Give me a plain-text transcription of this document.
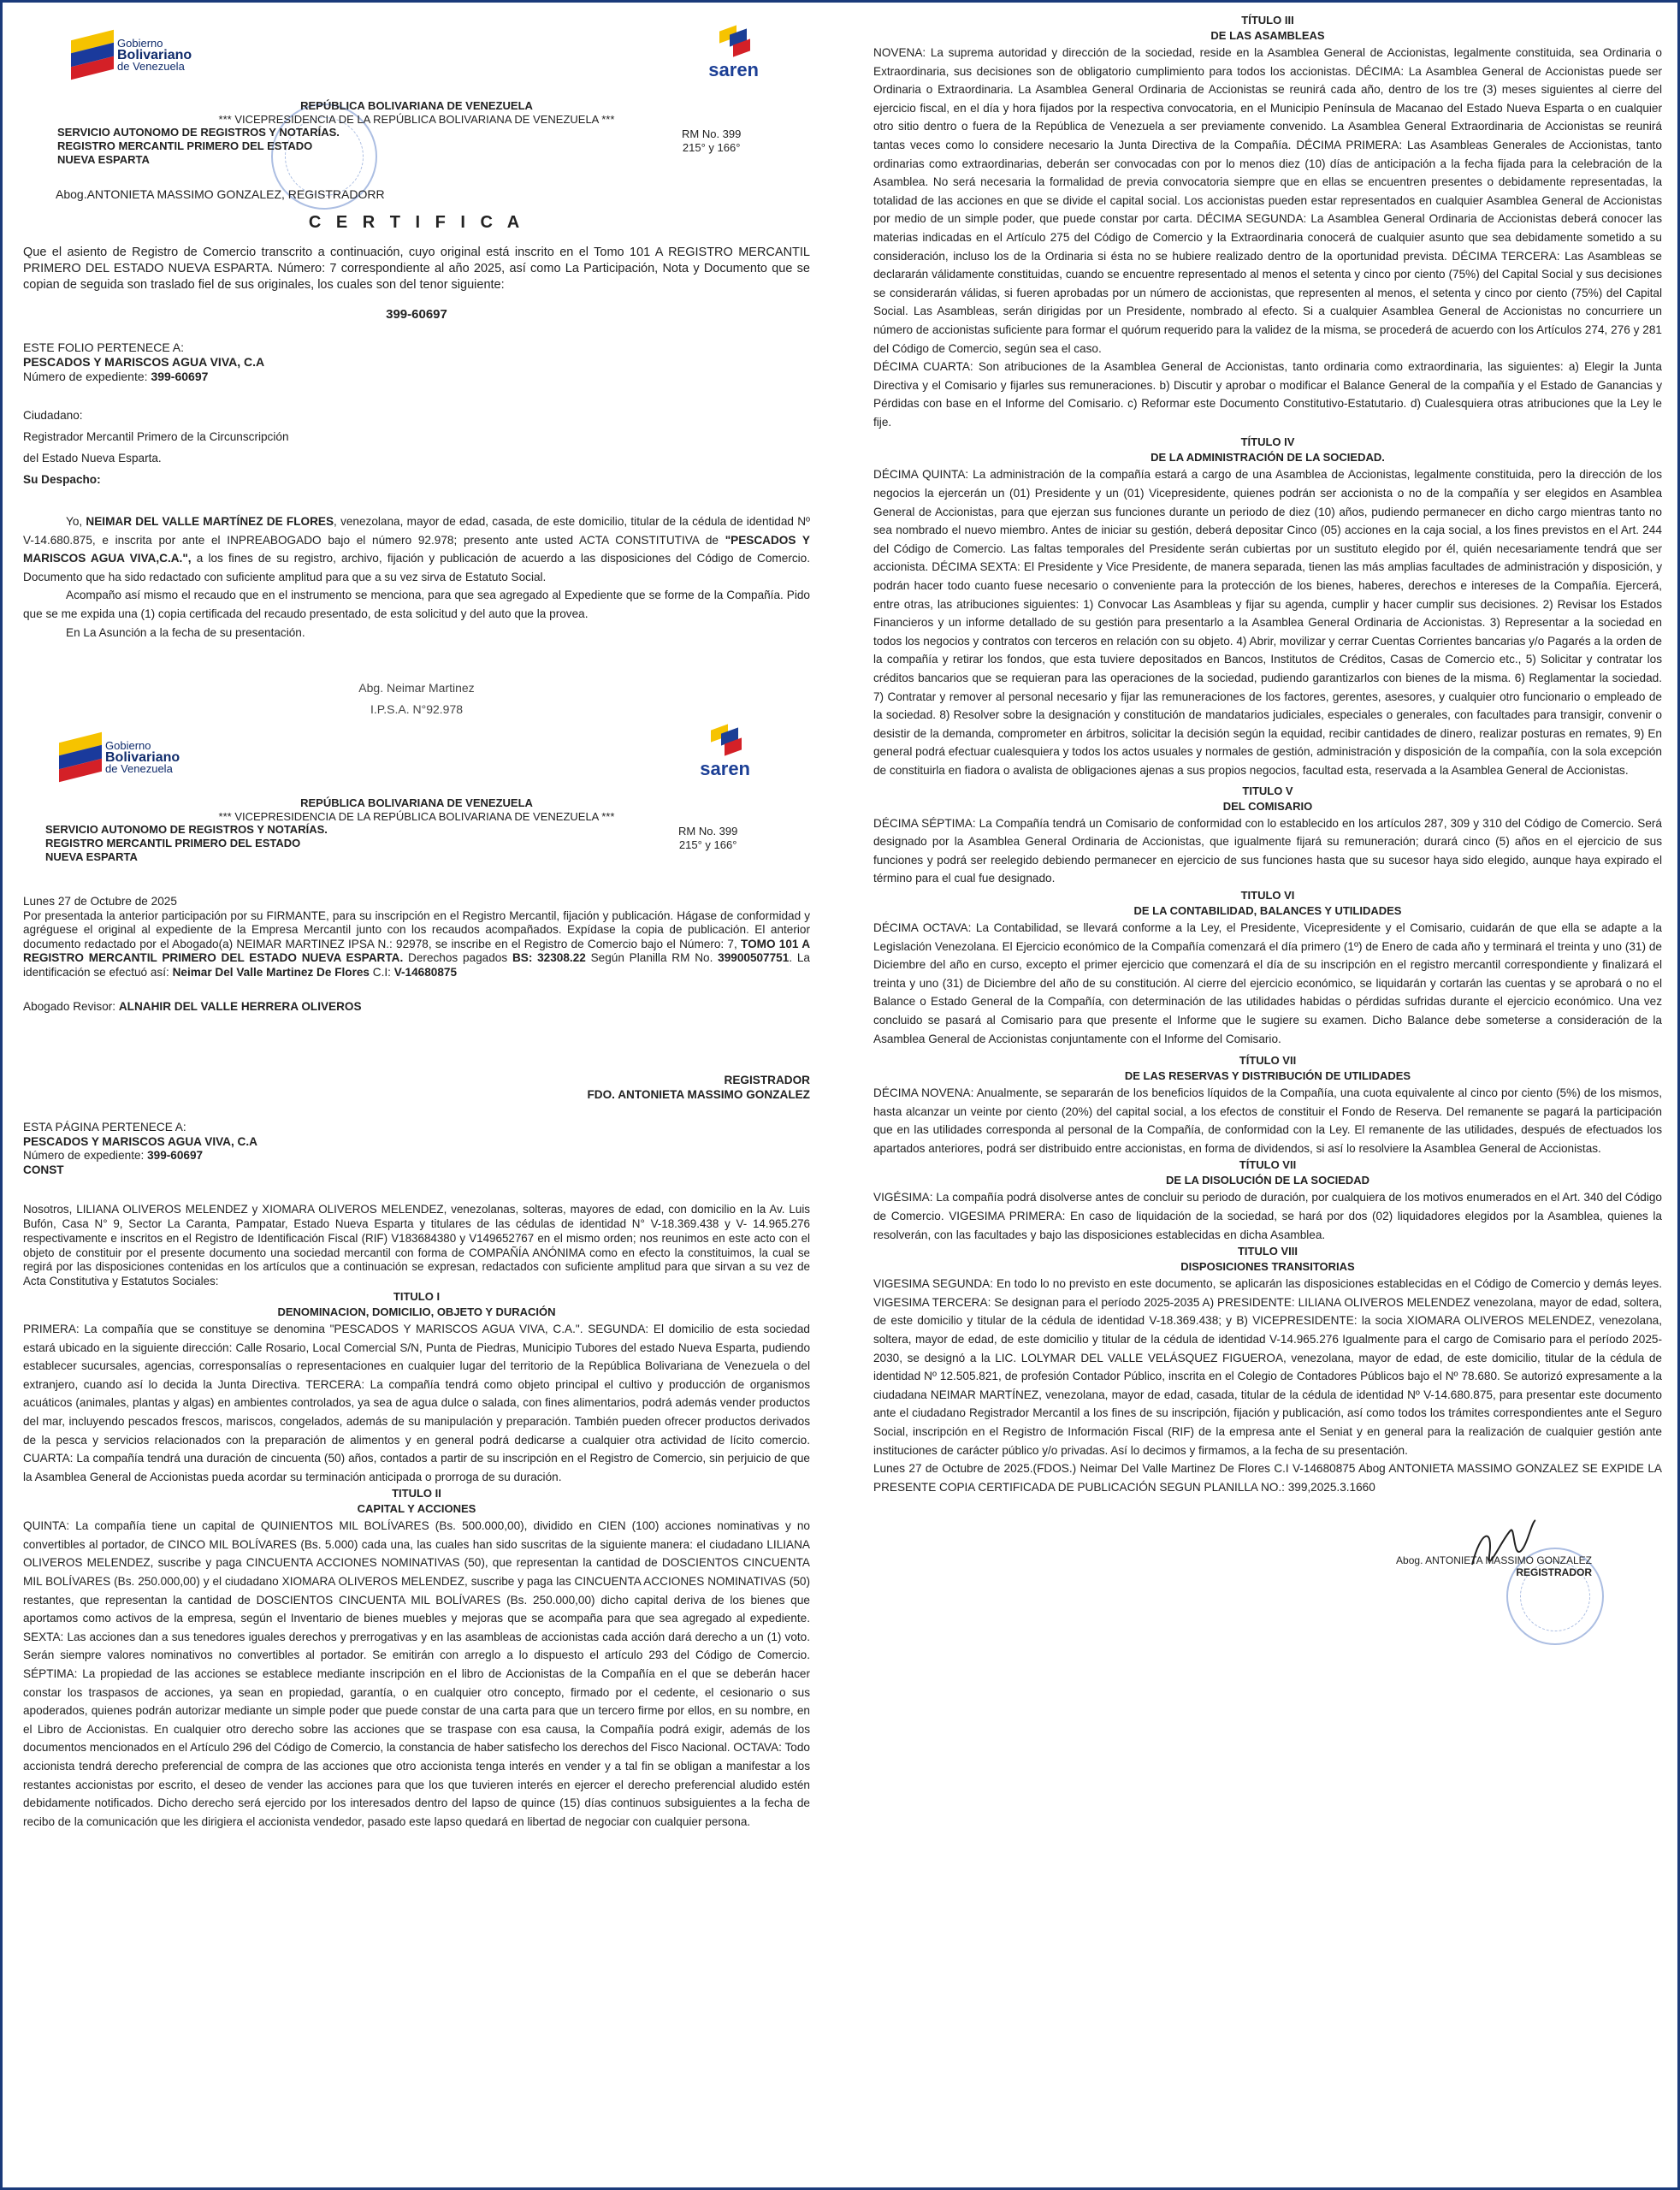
Gobierno
Bolivariano
de Venezuela	saren
REPÚBLICA BOLIVARIANA DE VENEZUELA
*** VICEPRESIDENCIA DE LA REPÚBLICA BOLIVARIANA DE VENEZUELA ***
SERVICIO AUTONOMO DE REGISTROS Y NOTARÍAS.
REGISTRO MERCANTIL PRIMERO DEL ESTADO NUEVA ESPARTA
RM No. 399
215° y 166°
Abog.ANTONIETA MASSIMO GONZALEZ, REGISTRADORR
C E R T I F I C A

Que el asiento de Registro de Comercio transcrito a continuación, cuyo original está inscrito en el Tomo 101 A REGISTRO MERCANTIL PRIMERO DEL ESTADO NUEVA ESPARTA. Número: 7 correspondiente al año 2025, así como La Participación, Nota y Documento que se copian de seguida son traslado fiel de sus originales, los cuales son del tenor siguiente:

399-60697
ESTE FOLIO PERTENECE A:
PESCADOS Y MARISCOS AGUA VIVA, C.A
Número de expediente: 399-60697
Ciudadano:
Registrador Mercantil Primero de la Circunscripción
del Estado Nueva Esparta.
Su Despacho:

Yo, NEIMAR DEL VALLE MARTÍNEZ DE FLORES, venezolana, mayor de edad, casada, de este domicilio, titular de la cédula de identidad Nº V-14.680.875, e inscrita por ante el INPREABOGADO bajo el número 92.978; presento ante usted ACTA CONSTITUTIVA de "PESCADOS Y MARISCOS AGUA VIVA,C.A.", a los fines de su registro, archivo, fijación y publicación de acuerdo a las disposiciones del Código de Comercio. Documento que ha sido redactado con suficiente amplitud para que a su vez sirva de Estatuto Social.

Acompaño así mismo el recaudo que en el instrumento se menciona, para que sea agregado al Expediente que se forme de la Compañía. Pido que se me expida una (1) copia certificada del recaudo presentado, de esta solicitud y del auto que la provea.

En La Asunción a la fecha de su presentación.

Abg. Neimar Martinez
I.P.S.A. N°92.978
Gobierno
Bolivariano
de Venezuela	saren
REPÚBLICA BOLIVARIANA DE VENEZUELA
*** VICEPRESIDENCIA DE LA REPÚBLICA BOLIVARIANA DE VENEZUELA ***
SERVICIO AUTONOMO DE REGISTROS Y NOTARÍAS.
REGISTRO MERCANTIL PRIMERO DEL ESTADO NUEVA ESPARTA
RM No. 399
215° y 166°
Lunes 27 de Octubre de 2025
Por presentada la anterior participación por su FIRMANTE, para su inscripción en el Registro Mercantil, fijación y publicación. Hágase de conformidad y agréguese el original al expediente de la Empresa Mercantil junto con los recaudos acompañados. Expídase la copia de publicación. El anterior documento redactado por el Abogado(a) NEIMAR MARTINEZ IPSA N.: 92978, se inscribe en el Registro de Comercio bajo el Número: 7, TOMO 101 A REGISTRO MERCANTIL PRIMERO DEL ESTADO NUEVA ESPARTA. Derechos pagados BS: 32308.22 Según Planilla RM No. 39900507751. La identificación se efectuó así: Neimar Del Valle Martinez De Flores C.I: V-14680875
Abogado Revisor: ALNAHIR DEL VALLE HERRERA OLIVEROS
REGISTRADOR
FDO. ANTONIETA MASSIMO GONZALEZ
ESTA PÁGINA PERTENECE A:
PESCADOS Y MARISCOS AGUA VIVA, C.A
Número de expediente: 399-60697
CONST

Nosotros, LILIANA OLIVEROS MELENDEZ y XIOMARA OLIVEROS MELENDEZ, venezolanas, solteras, mayores de edad, con domicilio en la Av. Luis Bufón, Casa N° 9, Sector La Caranta, Pampatar, Estado Nueva Esparta y titulares de las cédulas de identidad N° V-18.369.438 y V- 14.965.276 respectivamente e inscritos en el Registro de Identificación Fiscal (RIF) V183684380 y V149652767 en el mismo orden; nos reunimos en este acto con el objeto de constituir por el presente documento una sociedad mercantil con forma de COMPAÑÍA ANÓNIMA como en efecto la constituimos, la cual se regirá por las disposiciones contenidas en los artículos que a continuación se expresan, redactados con suficiente amplitud para que sirvan a su vez de Acta Constitutiva y Estatutos Sociales:

TITULO I
DENOMINACION, DOMICILIO, OBJETO Y DURACIÓN

PRIMERA: La compañía que se constituye se denomina "PESCADOS Y MARISCOS AGUA VIVA, C.A.". SEGUNDA: El domicilio de esta sociedad estará ubicado en la siguiente dirección: Calle Rosario, Local Comercial S/N, Punta de Piedras, Municipio Tubores del estado Nueva Esparta, pudiendo establecer sucursales, agencias, corresponsalías o representaciones en cualquier lugar del territorio de la República Bolivariana de Venezuela o del extranjero, cuando así lo decida la Junta Directiva. TERCERA: La compañía tendrá como objeto principal el cultivo y producción de organismos acuáticos (animales, plantas y algas) en ambientes controlados, ya sea de agua dulce o salada, con fines alimentarios, podrá además vender productos del mar, incluyendo pescados frescos, mariscos, congelados, además de su manipulación y preparación. También pueden ofrecer productos derivados de la pesca y servicios relacionados con la preparación de alimentos y en general podrá dedicarse a cualquier otra actividad de lícito comercio. CUARTA: La compañía tendrá una duración de cincuenta (50) años, contados a partir de su inscripción en el Registro de Comercio, sin perjuicio de que la Asamblea General de Accionistas pueda acordar su terminación anticipada o prorroga de su duración.

TITULO II
CAPITAL Y ACCIONES

QUINTA: La compañía tiene un capital de QUINIENTOS MIL BOLÍVARES (Bs. 500.000,00), dividido en CIEN (100) acciones nominativas y no convertibles al portador, de CINCO MIL BOLÍVARES (Bs. 5.000) cada una, las cuales han sido suscritas de la siguiente manera: el ciudadano LILIANA OLIVEROS MELENDEZ, suscribe y paga CINCUENTA ACCIONES NOMINATIVAS (50), que representan la cantidad de DOSCIENTOS CINCUENTA MIL BOLÍVARES (Bs. 250.000,00) y el ciudadano XIOMARA OLIVEROS MELENDEZ, suscribe y paga las CINCUENTA ACCIONES NOMINATIVAS (50) restantes, que representan la cantidad de DOSCIENTOS CINCUENTA MIL BOLÍVARES (Bs. 250.000,00) dicho capital deriva de los bienes que aportamos como activos de la empresa, según el Inventario de bienes muebles y mejoras que se acompaña para que sea agregado al expediente. SEXTA: Las acciones dan a sus tenedores iguales derechos y prerrogativas y en las asambleas de accionistas cada acción dará derecho a un (1) voto. Serán siempre valores nominativos no convertibles al portador. Se emitirán con arreglo a lo dispuesto el artículo 293 del Código de Comercio. SÉPTIMA: La propiedad de las acciones se establece mediante inscripción en el libro de Accionistas de la Compañía en el que se deberán hacer constar los traspasos de acciones, ya sean en propiedad, garantía, o en cualquier otro concepto, firmado por el cedente, el cesionario o sus apoderados, quienes podrán autorizar mediante un simple poder que puede constar de una carta para que un tercero firme por ellos, en su nombre, en el Libro de Accionistas. En cualquier otro derecho sobre las acciones que se traspase con esa causa, la Compañía podrá exigir, además de los documentos mencionados en el Artículo 296 del Código de Comercio, la constancia de haber satisfecho los derechos del Fisco Nacional. OCTAVA: Todo accionista tendrá derecho preferencial de compra de las acciones que otro accionista tenga interés en vender y a tal fin se obligan a manifestar a los restantes accionistas por escrito, el deseo de vender las acciones para que los que tuvieren interés en ejercer el derecho preferencial aludido estén debidamente notificados. Dicho derecho será ejercido por los interesados dentro del lapso de quince (15) días continuos subsiguientes a la fecha de recibo de la comunicación que les dirigiera el accionista vendedor, pasado este lapso quedará en libertad de negociar con cualquier persona.

TÍTULO III
DE LAS ASAMBLEAS

NOVENA: La suprema autoridad y dirección de la sociedad, reside en la Asamblea General de Accionistas, legalmente constituida, sea Ordinaria o Extraordinaria, sus decisiones son de obligatorio cumplimiento para todos los accionistas. DÉCIMA: La Asamblea General de Accionistas puede ser Ordinaria o Extraordinaria. La Asamblea General Ordinaria de Accionistas se reunirá cada año, dentro de los tre (3) meses siguientes al cierre del ejercicio fiscal, en el día y hora fijados por la respectiva convocatoria, en el Municipio Península de Macanao del Estado Nueva Esparta o en cualquier otro sitio dentro o fuera de la República de Venezuela a ser previamente convenido. La Asamblea General Extraordinaria de Accionistas se reunirá tantas veces como lo considere necesario la Junta Directiva de la Compañía. DÉCIMA PRIMERA: Las Asambleas Generales de Accionistas, tanto ordinarias como extraordinarias, deberán ser convocadas con por lo menos diez (10) días de anticipación a la fecha fijada para la celebración de la Asamblea. No será necesaria la formalidad de previa convocatoria siempre que en ellas se encuentren presentes o debidamente representadas, la totalidad de las acciones en que se divide el capital social. Los accionistas pueden estar representados en cualquier Asamblea General de Accionistas por medio de un simple poder, que puede constar por carta. DÉCIMA SEGUNDA: La Asamblea General Ordinaria de Accionistas deberá conocer las materias indicadas en el Artículo 275 del Código de Comercio y la Extraordinaria conocerá de cualquier asunto que sea debidamente sometido a su consideración, incluso los de la Ordinaria si ésta no se hubiere realizado dentro de la oportunidad prevista. DÉCIMA TERCERA: Las Asambleas se declararán válidamente constituidas, cuando se encuentre representado al menos el setenta y cinco por ciento (75%) del Capital Social y sus decisiones se considerarán válidas, si fueren aprobadas por un número de accionistas, que representen al menos, el setenta y cinco por ciento (75%) del Capital Social. Las Asambleas, serán dirigidas por un Presidente, nombrado al efecto. Si a cualquier Asamblea General de Accionistas no concurriere un número de accionistas suficiente para formar el quórum requerido para la validez de la misma, se procederá de acuerdo con los Artículos 274, 276 y 281 del Código de Comercio, según sea el caso.

DÉCIMA CUARTA: Son atribuciones de la Asamblea General de Accionistas, tanto ordinaria como extraordinaria, las siguientes: a) Elegir la Junta Directiva y el Comisario y fijarles sus remuneraciones. b) Discutir y aprobar o modificar el Balance General de la compañía y el Estado de Ganancias y Pérdidas con base en el Informe del Comisario. c) Reformar este Documento Constitutivo-Estatutario. d) Cualesquiera otras atribuciones que la Ley le fije.

TÍTULO IV
DE LA ADMINISTRACIÓN DE LA SOCIEDAD.

DÉCIMA QUINTA: La administración de la compañía estará a cargo de una Asamblea de Accionistas, legalmente constituida, pero la dirección de los negocios la ejercerán un (01) Presidente y un (01) Vicepresidente, quienes podrán ser accionista o no de la compañía y ser elegidos en Asamblea General de Accionistas, para que ejerzan sus funciones durante un periodo de diez (10) años, pudiendo permanecer en dicho cargo mientras tanto no sea nombrado el nuevo miembro. Antes de iniciar su gestión, deberá depositar Cinco (05) acciones en la caja social, a los fines previstos en el Art. 244 del Código de Comercio. Las faltas temporales del Presidente serán cubiertas por un sustituto elegido por él, quién necesariamente tendrá que ser accionista. DÉCIMA SEXTA: El Presidente y Vice Presidente, de manera separada, tienen las más amplias facultades de administración y disposición, y podrán hacer todo cuanto fuese necesario o conveniente para la protección de los bienes, haberes, derechos e intereses de la Compañía. Ejercerá, entre otras, las atribuciones siguientes: 1) Convocar Las Asambleas y fijar su agenda, cumplir y hacer cumplir sus decisiones. 2) Revisar los Estados Financieros y un informe detallado de su gestión para presentarlo a la Asamblea General Ordinaria de Accionistas. 3) Representar a la sociedad en todos los negocios y contratos con terceros en relación con su objeto. 4) Abrir, movilizar y cerrar Cuentas Corrientes bancarias y/o Pagarés a la orden de la compañía y retirar los fondos, que esta tuviere depositados en Bancos, Institutos de Créditos, Casas de Comercio etc., 5) Solicitar y contratar los créditos bancarios que se requieran para las operaciones de la sociedad, pudiendo garantizarlos con bienes de la misma. 6) Reglamentar la sociedad. 7) Contratar y remover al personal necesario y fijar las remuneraciones de los factores, gerentes, asesores, y cualquier otro funcionario o empleado de la sociedad. 8) Resolver sobre la designación y constitución de mandatarios judiciales, especiales o generales, con facultades para transigir, convenir o desistir de la demanda, comprometer en árbitros, solicitar la decisión según la equidad, recibir cantidades de dinero, realizar posturas en remates, 9) En general podrá efectuar cualesquiera y todos los actos usuales y normales de gestión, administración y disposición de la compañía, con la sola excepción de constituirla en fiadora o avalista de obligaciones ajenas a sus propios negocios, facultad esta, reservada a la Asamblea General de Accionistas.

TITULO V
DEL COMISARIO

DÉCIMA SÉPTIMA: La Compañía tendrá un Comisario de conformidad con lo establecido en los artículos 287, 309 y 310 del Código de Comercio. Será designado por la Asamblea General Ordinaria de Accionistas, que igualmente fijará su remuneración; durará cinco (5) años en el ejercicio de sus funciones y podrá ser reelegido debiendo permanecer en ejercicio de sus funciones hasta que su sucesor haya sido elegido, aunque haya expirado el término para el cual fue designado.

TITULO VI
DE LA CONTABILIDAD, BALANCES Y UTILIDADES

DÉCIMA OCTAVA: La Contabilidad, se llevará conforme a la Ley, el Presidente, Vicepresidente y el Comisario, cuidarán de que ella se adapte a la Legislación Venezolana. El Ejercicio económico de la Compañía comenzará el día primero (1º) de Enero de cada año y terminará el treinta y uno (31) de Diciembre del año en curso, excepto el primer ejercicio que comenzará el día de su inscripción en el registro mercantil correspondiente y finalizará el treinta y uno (31) de Diciembre del año de su constitución. Al cierre del ejercicio económico, se liquidarán y cortarán las cuentas y se aprobará o no el Balance o Estado General de la Compañía, con determinación de las utilidades habidas o pérdidas sufridas durante el ejercicio económico. Una vez concluido se pasará al Comisario para que presente el Informe que le sugiere su examen. Dicho Balance debe someterse a consideración de la Asamblea General de Accionistas conjuntamente con el Informe del Comisario.

TÍTULO VII
DE LAS RESERVAS Y DISTRIBUCIÓN DE UTILIDADES

DÉCIMA NOVENA: Anualmente, se separarán de los beneficios líquidos de la Compañía, una cuota equivalente al cinco por ciento (5%) de los mismos, hasta alcanzar un veinte por ciento (20%) del capital social, a los efectos de constituir el Fondo de Reserva. Del remanente se pagará la participación que en las utilidades corresponda al personal de la Compañía, de conformidad con la Ley. El remanente de las utilidades, después de efectuados los apartados anteriores, podrá ser distribuido entre accionistas, en forma de dividendos, si así lo resolviere la Asamblea General de Accionistas.

TÍTULO VII
DE LA DISOLUCIÓN DE LA SOCIEDAD

VIGÉSIMA: La compañía podrá disolverse antes de concluir su periodo de duración, por cualquiera de los motivos enumerados en el Art. 340 del Código de Comercio. VIGESIMA PRIMERA: En caso de liquidación de la sociedad, se hará por dos (02) liquidadores elegidos por la Asamblea, quienes la resolverán, con las facultades y bajo las disposiciones establecidas en dicha Asamblea.

TITULO VIII
DISPOSICIONES TRANSITORIAS

VIGESIMA SEGUNDA: En todo lo no previsto en este documento, se aplicarán las disposiciones establecidas en el Código de Comercio y demás leyes. VIGESIMA TERCERA: Se designan para el período 2025-2035 A) PRESIDENTE: LILIANA OLIVEROS MELENDEZ venezolana, mayor de edad, soltera, de este domicilio y titular de la cédula de identidad V-18.369.438; y B) VICEPRESIDENTE: la socia XIOMARA OLIVEROS MELENDEZ, venezolana, soltera, mayor de edad, de este domicilio y titular de la cédula de identidad V-14.965.276 Igualmente para el cargo de Comisario para el período 2025-2030, se designó a la LIC. LOLYMAR DEL VALLE VELÁSQUEZ FIGUEROA, venezolana, mayor de edad, de este domicilio, titular de la cédula de identidad Nº 12.505.821, de profesión Contador Público, inscrita en el Colegio de Contadores Públicos bajo el Nº 78.680. Se autorizó expresamente a la ciudadana NEIMAR MARTÍNEZ, venezolana, mayor de edad, casada, titular de la cédula de identidad Nº V-14.680.875, para presentar este documento ante el ciudadano Registrador Mercantil a los fines de su inscripción, fijación y publicación, así como todos los trámites correspondientes ante el Seguro Social, inscripción en el Registro de Información Fiscal (RIF) de la empresa ante el Seniat y en general para la realización de cualquier gestión ante instituciones de carácter público y/o privadas. Así lo decimos y firmamos, a la fecha de su presentación.

Lunes 27 de Octubre de 2025.(FDOS.) Neimar Del Valle Martinez De Flores C.I V-14680875 Abog ANTONIETA MASSIMO GONZALEZ SE EXPIDE LA PRESENTE COPIA CERTIFICADA DE PUBLICACIÓN SEGUN PLANILLA NO.: 399,2025.3.1660

Abog. ANTONIETA MASSIMO GONZALEZ
REGISTRADOR
